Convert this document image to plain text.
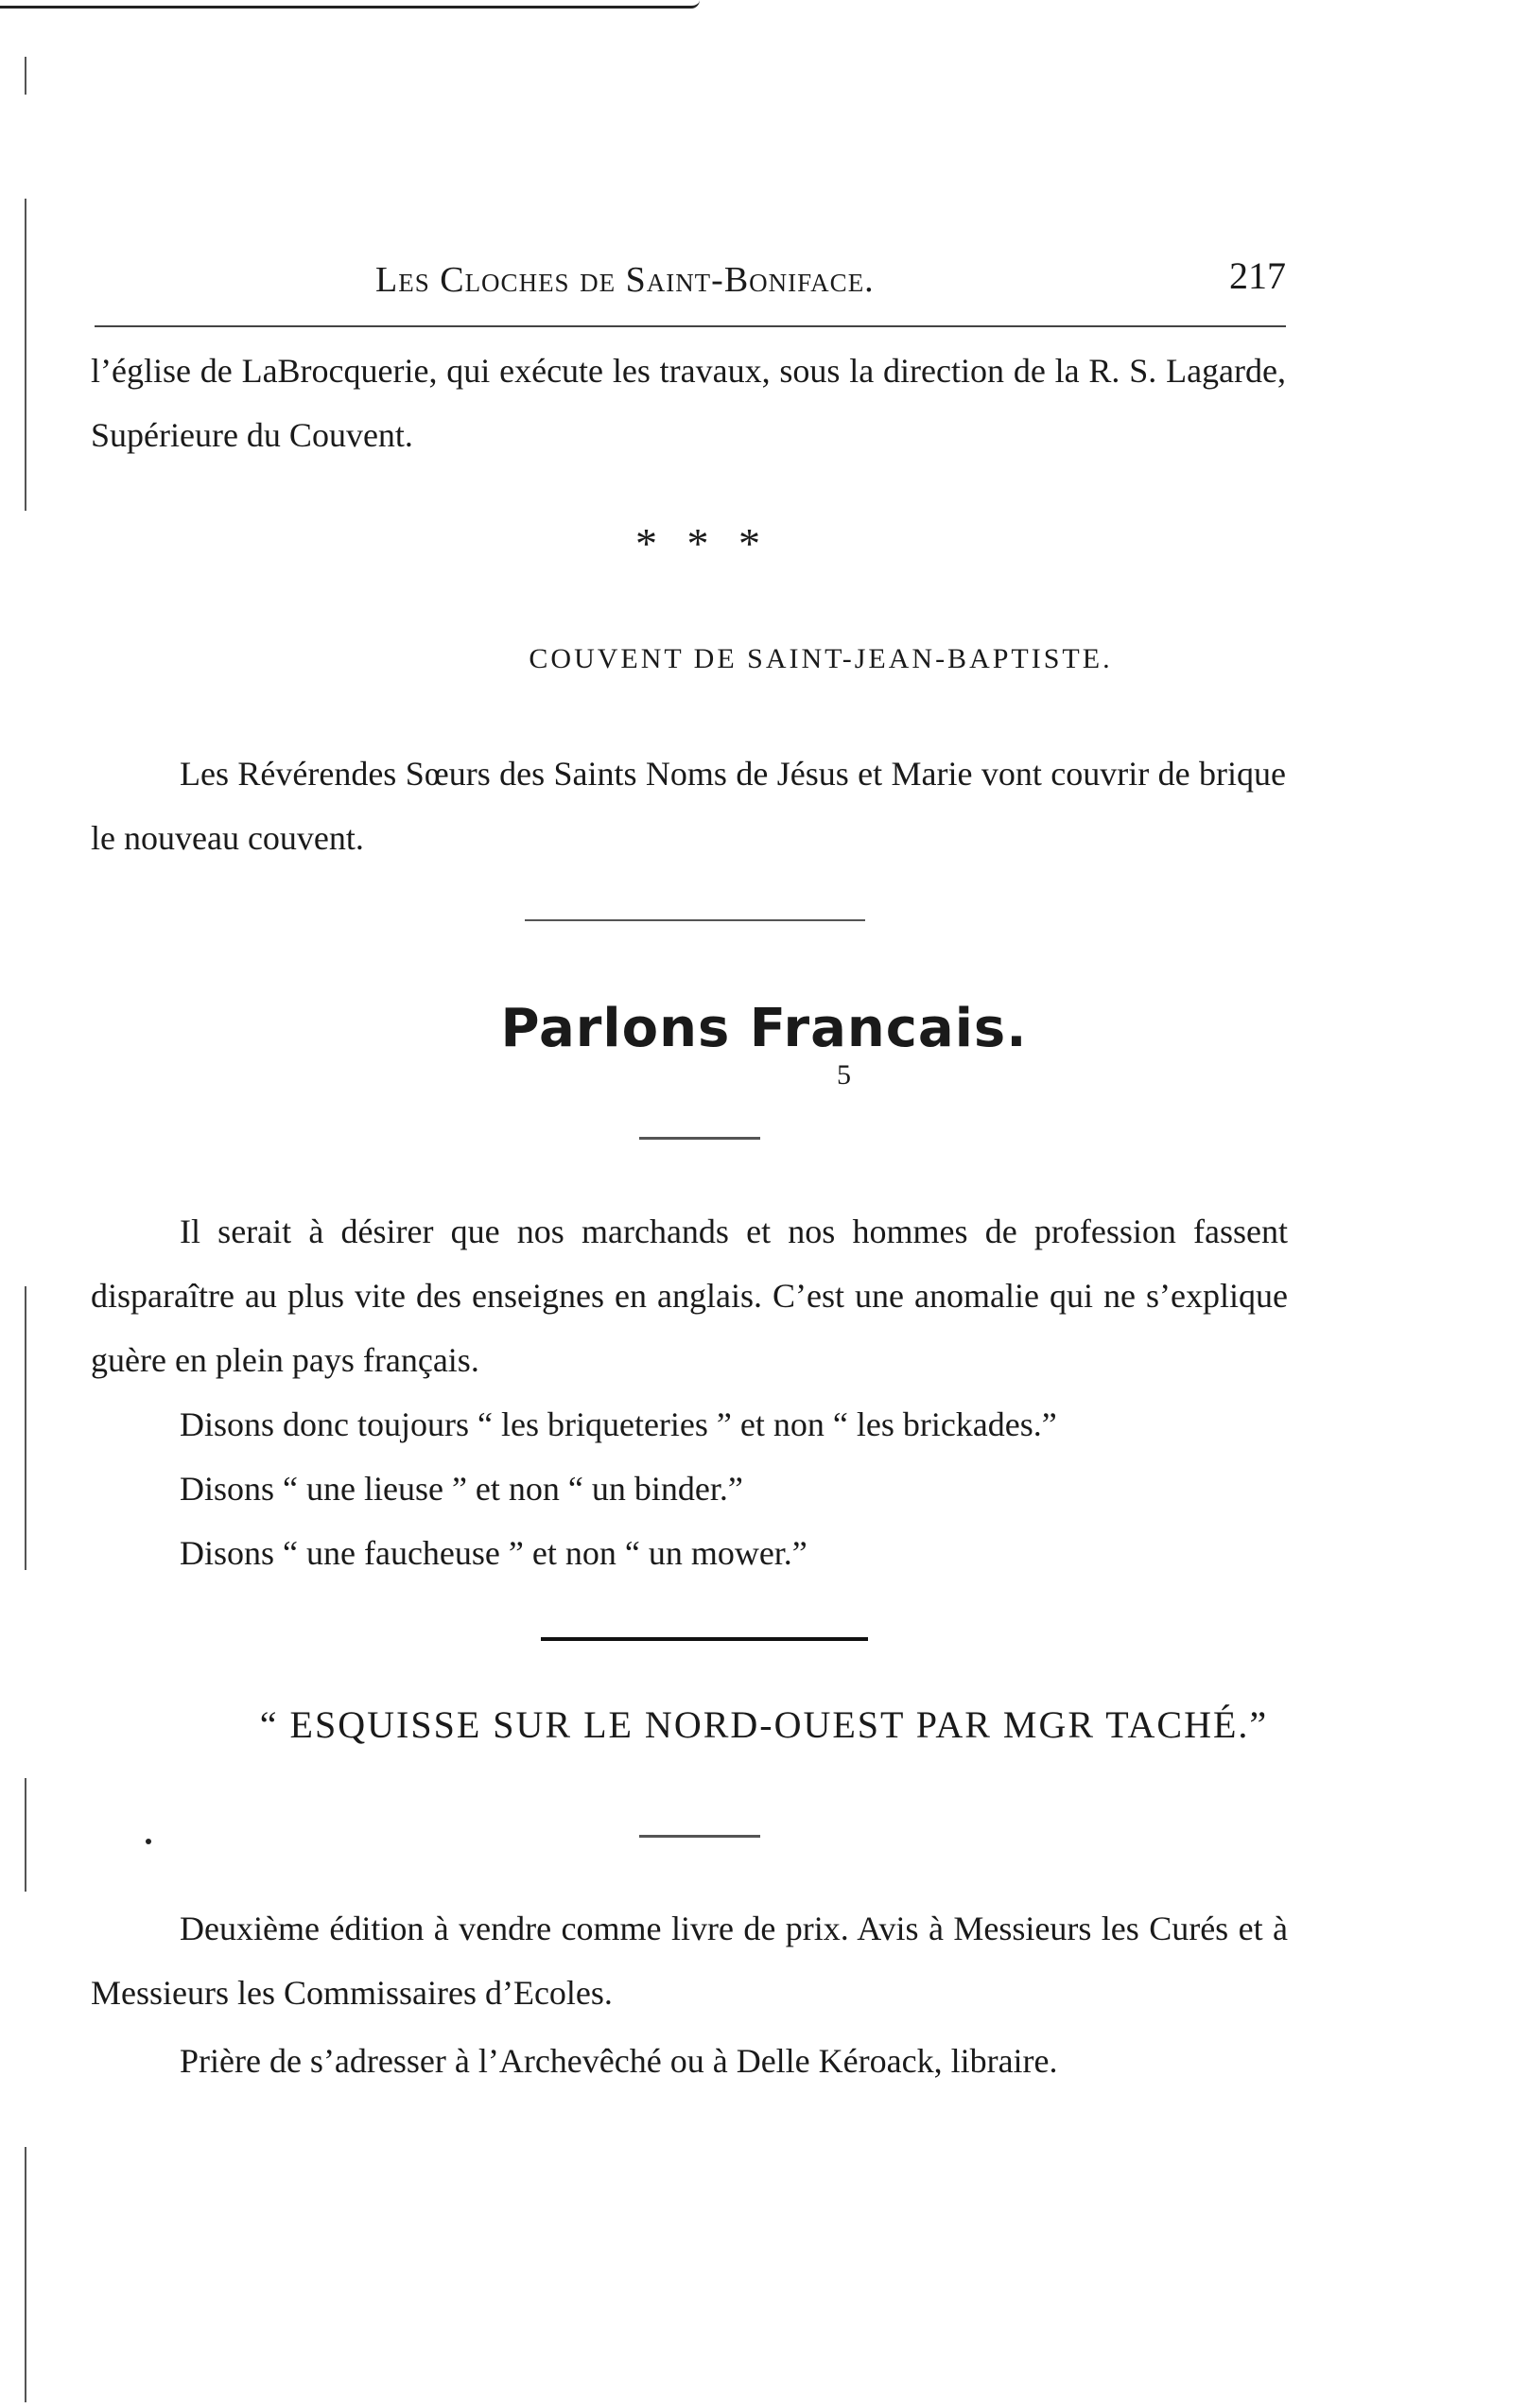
Les Cloches de Saint-Boniface.	217
l’église de LaBrocquerie, qui exécute les travaux, sous la direction de la R. S. Lagarde, Supérieure du Couvent.
* * *
COUVENT DE SAINT-JEAN-BAPTISTE.
Les Révérendes Sœurs des Saints Noms de Jésus et Marie vont couvrir de brique le nouveau couvent.
Parlons Francais.
5
Il serait à désirer que nos marchands et nos hommes de profession fassent disparaître au plus vite des enseignes en anglais. C’est une anomalie qui ne s’explique guère en plein pays français.
Disons donc toujours “ les briqueteries ” et non “ les brickades.”
Disons “ une lieuse ” et non “ un binder.”
Disons “ une faucheuse ” et non “ un mower.”
“ ESQUISSE SUR LE NORD-OUEST PAR MGR TACHÉ.”
Deuxième édition à vendre comme livre de prix. Avis à Messieurs les Curés et à Messieurs les Commissaires d’Ecoles.
Prière de s’adresser à l’Archevêché ou à Delle Kéroack, libraire.
